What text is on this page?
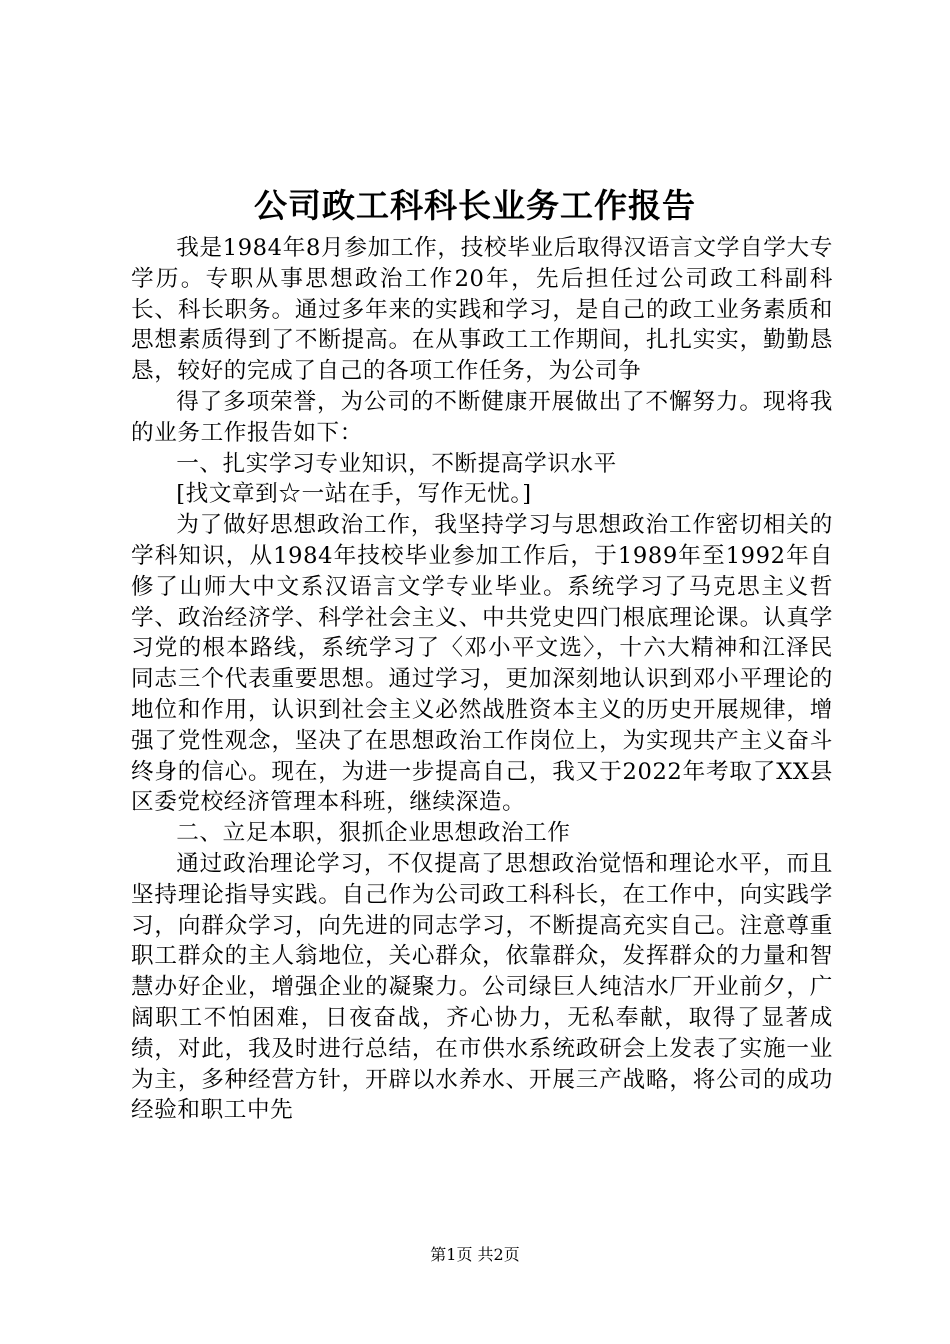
公司政工科科长业务工作报告

我是1984年8月参加工作，技校毕业后取得汉语言文学自学大专学历。专职从事思想政治工作20年，先后担任过公司政工科副科长、科长职务。通过多年来的实践和学习，是自己的政工业务素质和思想素质得到了不断提高。在从事政工工作期间，扎扎实实，勤勤恳恳，较好的完成了自己的各项工作任务，为公司争

得了多项荣誉，为公司的不断健康开展做出了不懈努力。现将我的业务工作报告如下：

一、扎实学习专业知识，不断提高学识水平

[找文章到☆一站在手，写作无忧。]

为了做好思想政治工作，我坚持学习与思想政治工作密切相关的学科知识，从1984年技校毕业参加工作后，于1989年至1992年自修了山师大中文系汉语言文学专业毕业。系统学习了马克思主义哲学、政治经济学、科学社会主义、中共党史四门根底理论课。认真学习党的根本路线，系统学习了〈邓小平文选〉，十六大精神和江泽民同志三个代表重要思想。通过学习，更加深刻地认识到邓小平理论的地位和作用，认识到社会主义必然战胜资本主义的历史开展规律，增强了党性观念，坚决了在思想政治工作岗位上，为实现共产主义奋斗终身的信心。现在，为进一步提高自己，我又于2022年考取了XX县区委党校经济管理本科班，继续深造。

二、立足本职，狠抓企业思想政治工作

通过政治理论学习，不仅提高了思想政治觉悟和理论水平，而且坚持理论指导实践。自己作为公司政工科科长，在工作中，向实践学习，向群众学习，向先进的同志学习，不断提高充实自己。注意尊重职工群众的主人翁地位，关心群众，依靠群众，发挥群众的力量和智慧办好企业，增强企业的凝聚力。公司绿巨人纯洁水厂开业前夕，广阔职工不怕困难，日夜奋战，齐心协力，无私奉献，取得了显著成绩，对此，我及时进行总结，在市供水系统政研会上发表了实施一业为主，多种经营方针，开辟以水养水、开展三产战略，将公司的成功经验和职工中先

第1页 共2页
